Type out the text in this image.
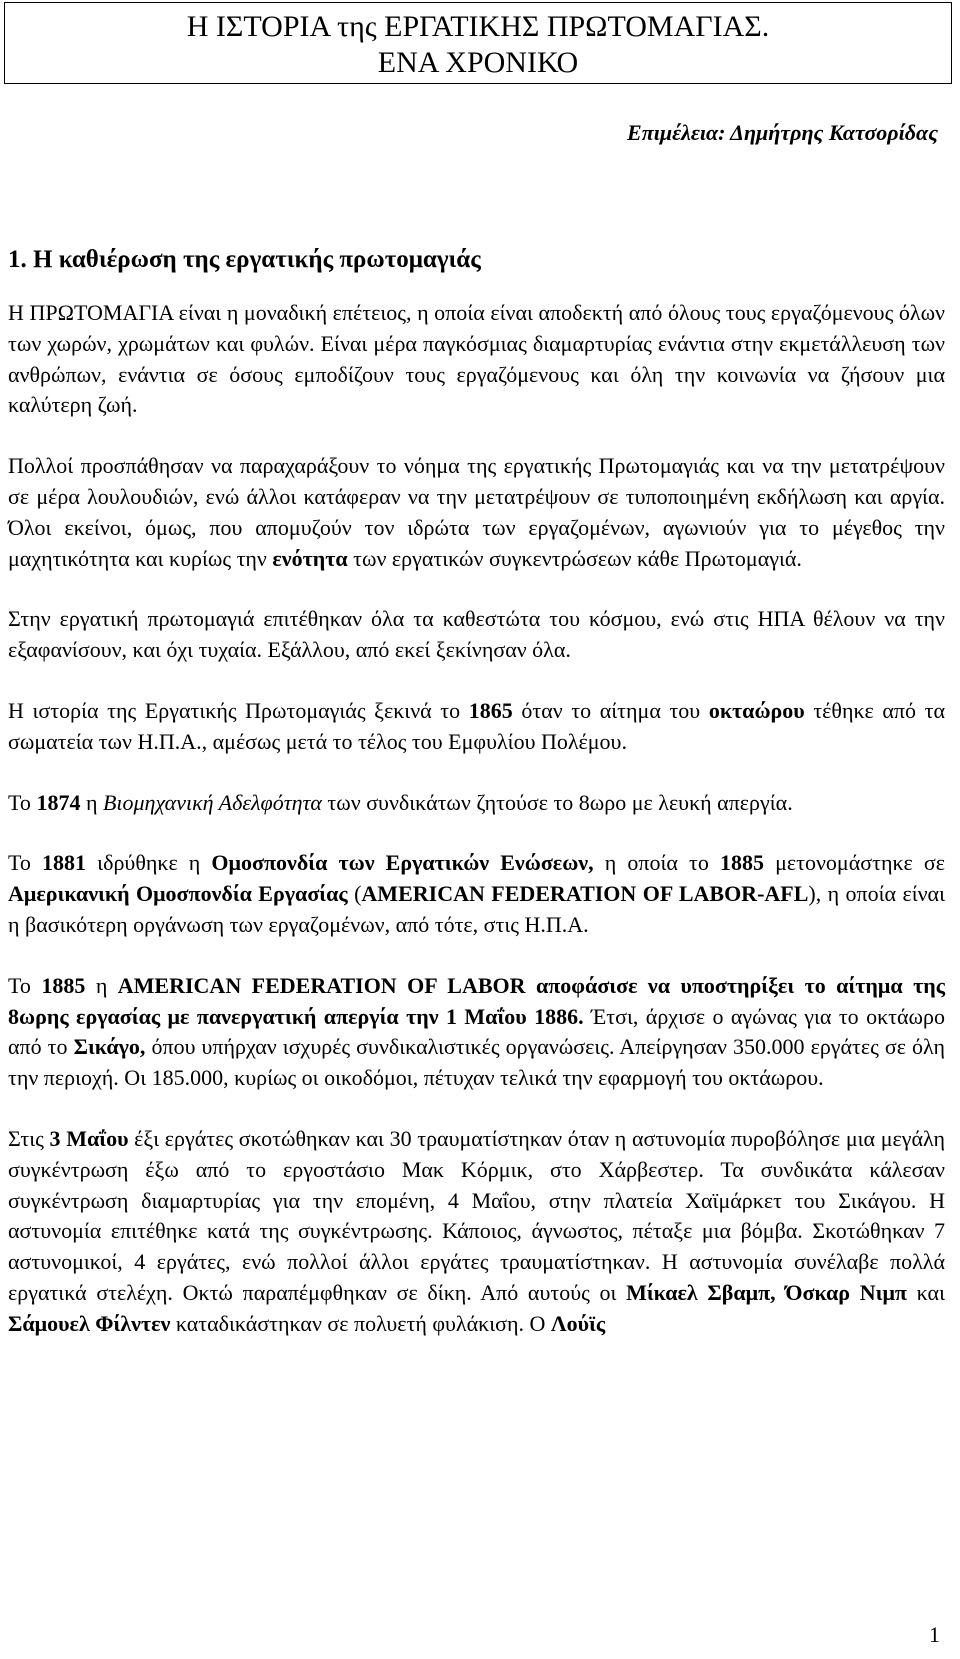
Η ΙΣΤΟΡΙΑ της ΕΡΓΑΤΙΚΗΣ ΠΡΩΤΟΜΑΓΙΑΣ.
ΕΝΑ ΧΡΟΝΙΚΟ
Επιμέλεια: Δημήτρης Κατσορίδας
1. Η καθιέρωση της εργατικής πρωτομαγιάς

Η ΠΡΩΤΟΜΑΓΙΑ είναι η μοναδική επέτειος, η οποία είναι αποδεκτή από όλους τους εργαζόμενους όλων των χωρών, χρωμάτων και φυλών. Είναι μέρα παγκόσμιας διαμαρτυρίας ενάντια στην εκμετάλλευση των ανθρώπων, ενάντια σε όσους εμποδίζουν τους εργαζόμενους και όλη την κοινωνία να ζήσουν μια καλύτερη ζωή.

Πολλοί προσπάθησαν να παραχαράξουν το νόημα της εργατικής Πρωτομαγιάς και να την μετατρέψουν σε μέρα λουλουδιών, ενώ άλλοι κατάφεραν να την μετατρέψουν σε τυποποιημένη εκδήλωση και αργία. Όλοι εκείνοι, όμως, που απομυζούν τον ιδρώτα των εργαζομένων, αγωνιούν για το μέγεθος την μαχητικότητα και κυρίως την ενότητα των εργατικών συγκεντρώσεων κάθε Πρωτομαγιά.

Στην εργατική πρωτομαγιά επιτέθηκαν όλα τα καθεστώτα του κόσμου, ενώ στις ΗΠΑ θέλουν να την εξαφανίσουν, και όχι τυχαία. Εξάλλου, από εκεί ξεκίνησαν όλα.

Η ιστορία της Εργατικής Πρωτομαγιάς ξεκινά το 1865 όταν το αίτημα του οκταώρου τέθηκε από τα σωματεία των Η.Π.Α., αμέσως μετά το τέλος του Εμφυλίου Πολέμου.

Το 1874 η Βιομηχανική Αδελφότητα των συνδικάτων ζητούσε το 8ωρο με λευκή απεργία.

Το 1881 ιδρύθηκε η Ομοσπονδία των Εργατικών Ενώσεων, η οποία το 1885 μετονομάστηκε σε Αμερικανική Ομοσπονδία Εργασίας (AMERICAN FEDERATION OF LABOR-AFL), η οποία είναι η βασικότερη οργάνωση των εργαζομένων, από τότε, στις Η.Π.Α.

Το 1885 η AMERICAN FEDERATION OF LABOR αποφάσισε να υποστηρίξει το αίτημα της 8ωρης εργασίας με πανεργατική απεργία την 1 Μαΐου 1886. Έτσι, άρχισε ο αγώνας για το οκτάωρο από το Σικάγο, όπου υπήρχαν ισχυρές συνδικαλιστικές οργανώσεις. Απείργησαν 350.000 εργάτες σε όλη την περιοχή. Οι 185.000, κυρίως οι οικοδόμοι, πέτυχαν τελικά την εφαρμογή του οκτάωρου.

Στις 3 Μαΐου έξι εργάτες σκοτώθηκαν και 30 τραυματίστηκαν όταν η αστυνομία πυροβόλησε μια μεγάλη συγκέντρωση έξω από το εργοστάσιο Μακ Κόρμικ, στο Χάρβεστερ. Τα συνδικάτα κάλεσαν συγκέντρωση διαμαρτυρίας για την επομένη, 4 Μαΐου, στην πλατεία Χαϊμάρκετ του Σικάγου. Η αστυνομία επιτέθηκε κατά της συγκέντρωσης. Κάποιος, άγνωστος, πέταξε μια βόμβα. Σκοτώθηκαν 7 αστυνομικοί, 4 εργάτες, ενώ πολλοί άλλοι εργάτες τραυματίστηκαν. Η αστυνομία συνέλαβε πολλά εργατικά στελέχη. Οκτώ παραπέμφθηκαν σε δίκη. Από αυτούς οι Μίκαελ Σβαμπ, Όσκαρ Νιμπ και Σάμουελ Φίλντεν καταδικάστηκαν σε πολυετή φυλάκιση. Ο Λούϊς

1
